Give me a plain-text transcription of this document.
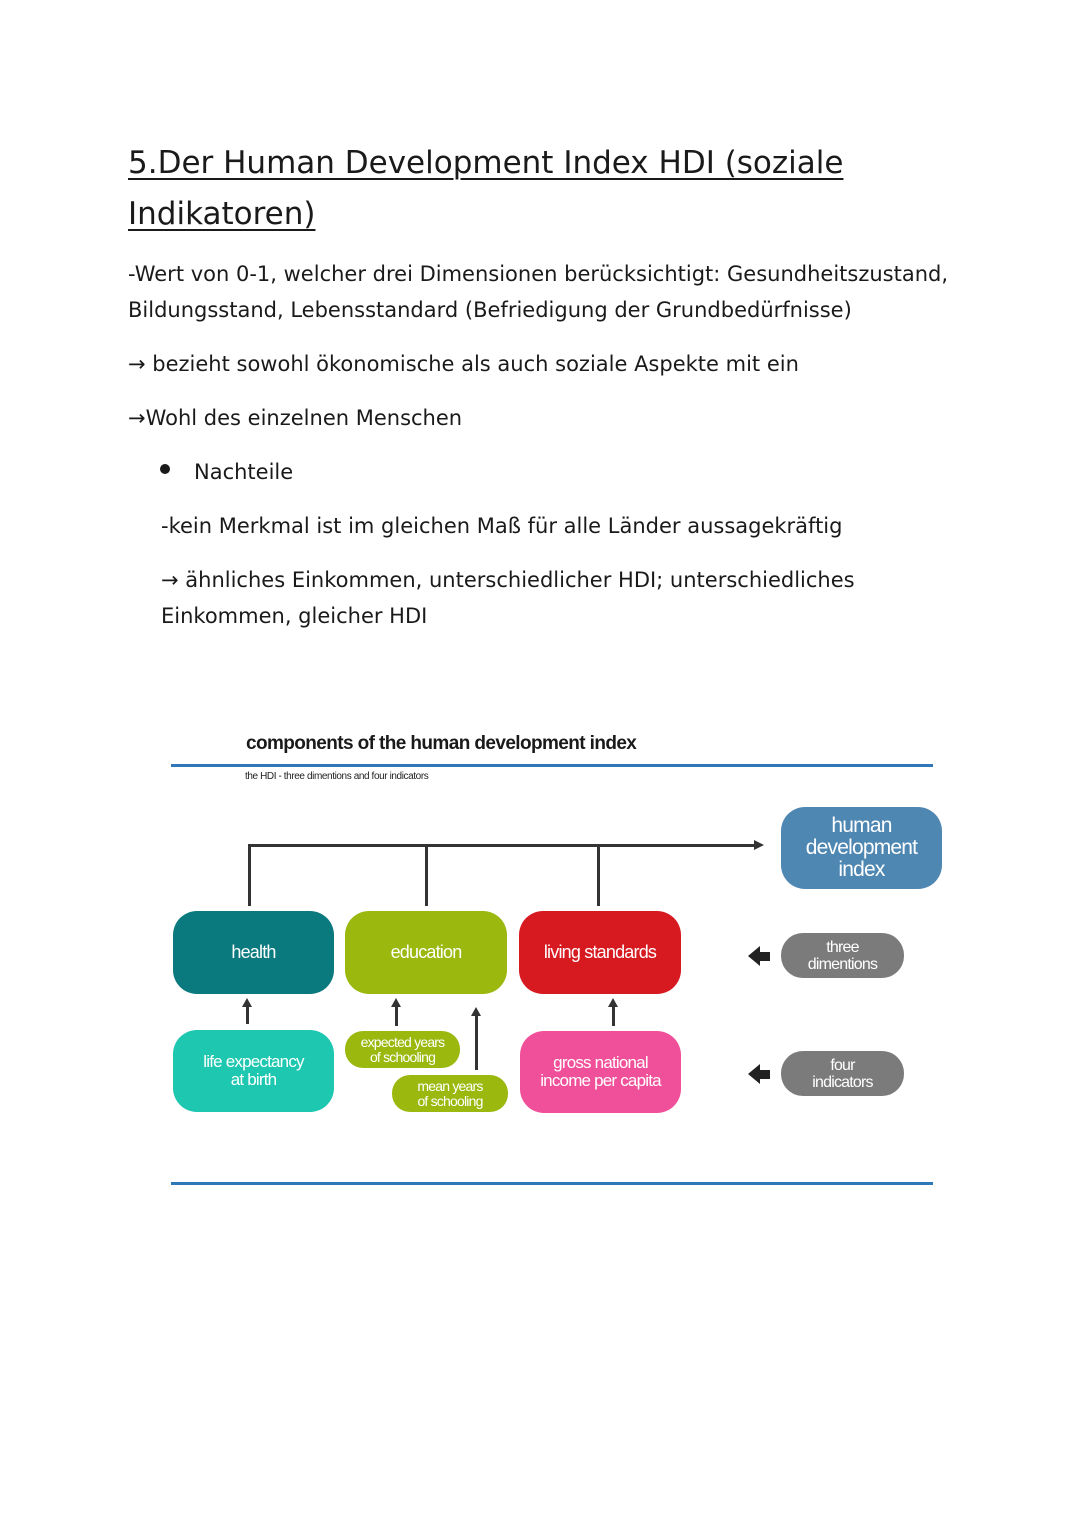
5.Der Human Development Index HDI (soziale
Indikatoren)

-Wert von 0-1, welcher drei Dimensionen berücksichtigt: Gesundheitszustand,
Bildungsstand, Lebensstandard (Befriedigung der Grundbedürfnisse)

→ bezieht sowohl ökonomische als auch soziale Aspekte mit ein

→Wohl des einzelnen Menschen

Nachteile

-kein Merkmal ist im gleichen Maß für alle Länder aussagekräftig

→ ähnliches Einkommen, unterschiedlicher HDI; unterschiedliches
Einkommen, gleicher HDI

components of the human development index
the HDI - three dimentions and four indicators
human
development
index
health	education	living standards
life expectancy
at birth
expected years
of schooling
mean years
of schooling
gross national
income per capita
three
dimentions
four
indicators
